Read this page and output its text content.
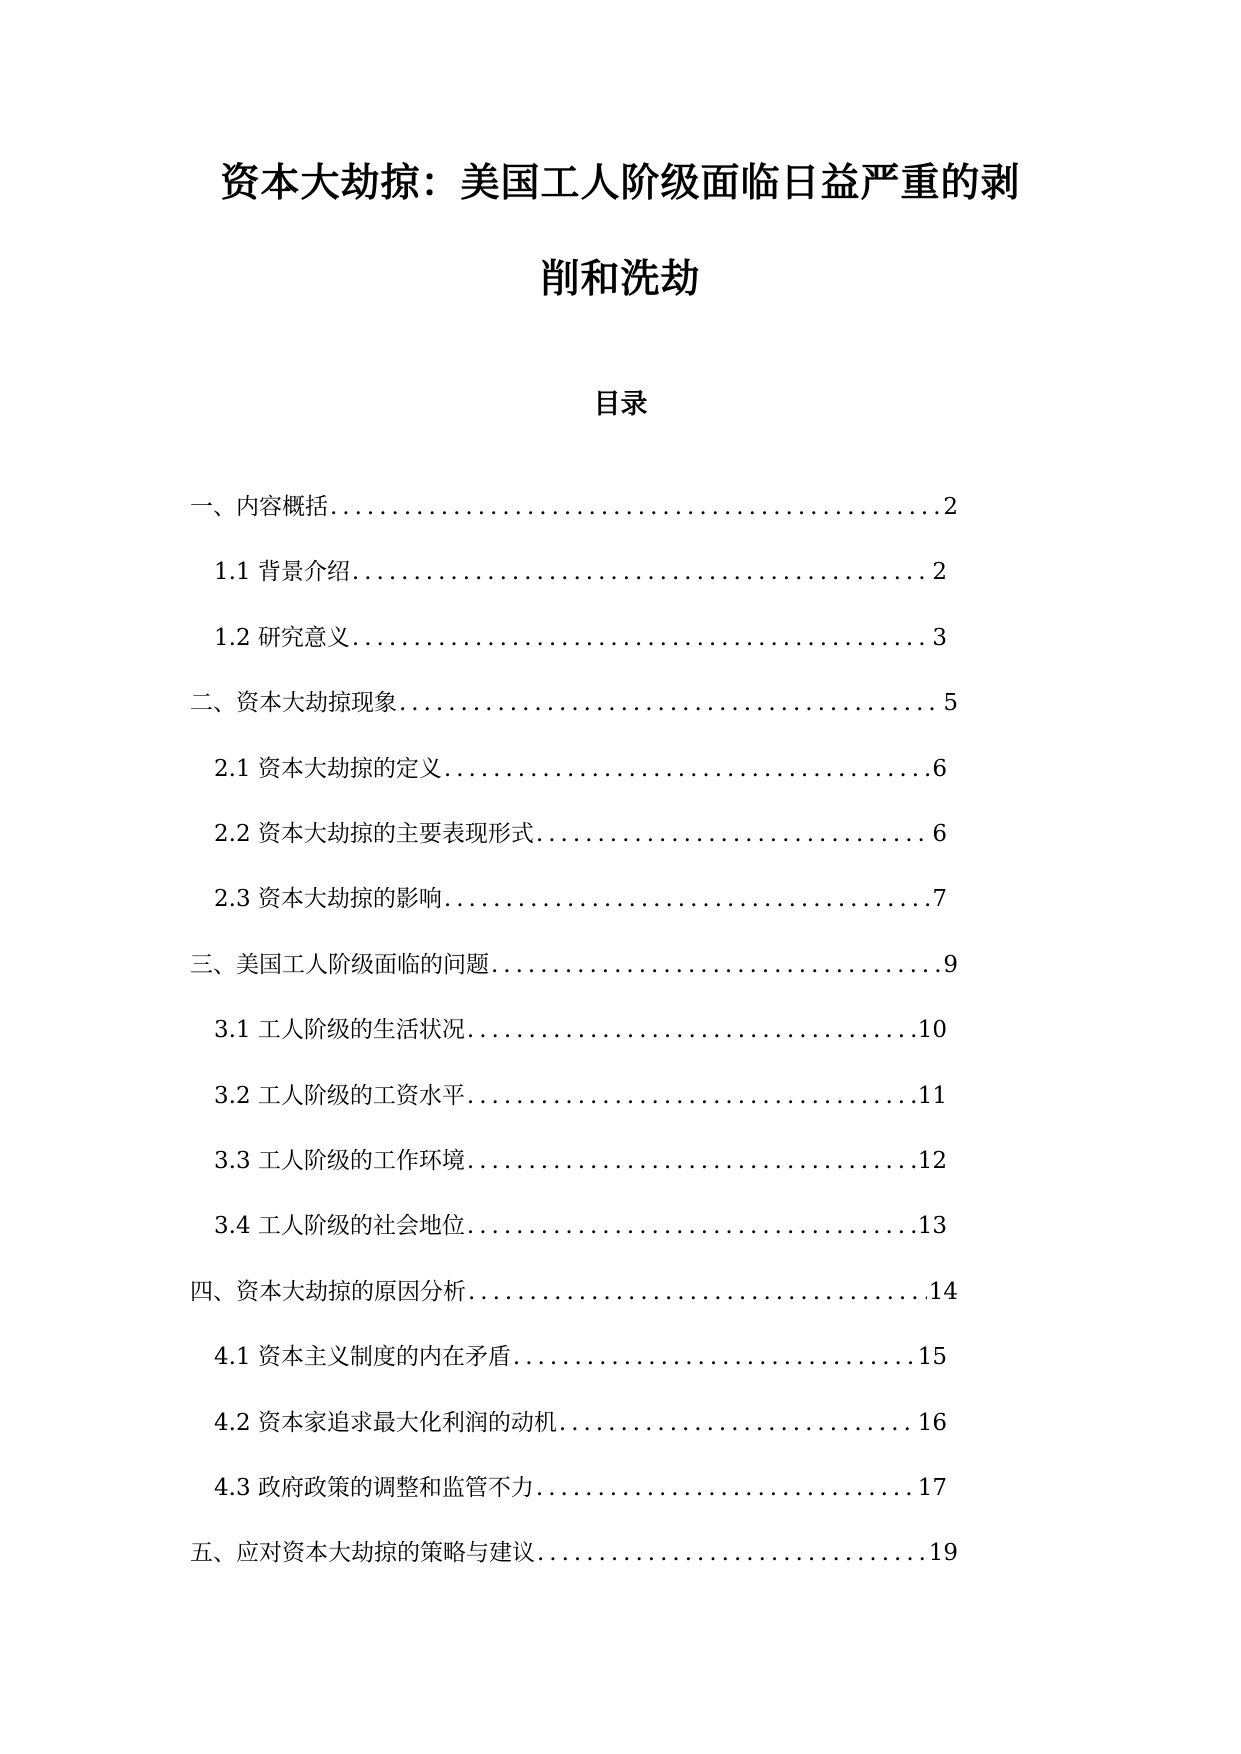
资本大劫掠：美国工人阶级面临日益严重的剥
削和洗劫
目录
一、内容概括 .....	2
1.1 背景介绍 .....	2
1.2 研究意义 .....	3
二、资本大劫掠现象 .....	5
2.1 资本大劫掠的定义 .....	6
2.2 资本大劫掠的主要表现形式 .....	6
2.3 资本大劫掠的影响 .....	7
三、美国工人阶级面临的问题 .....	9
3.1 工人阶级的生活状况 .....	10
3.2 工人阶级的工资水平 .....	11
3.3 工人阶级的工作环境 .....	12
3.4 工人阶级的社会地位 .....	13
四、资本大劫掠的原因分析 .....	14
4.1 资本主义制度的内在矛盾 .....	15
4.2 资本家追求最大化利润的动机 .....	16
4.3 政府政策的调整和监管不力 .....	17
五、应对资本大劫掠的策略与建议 .....	19
